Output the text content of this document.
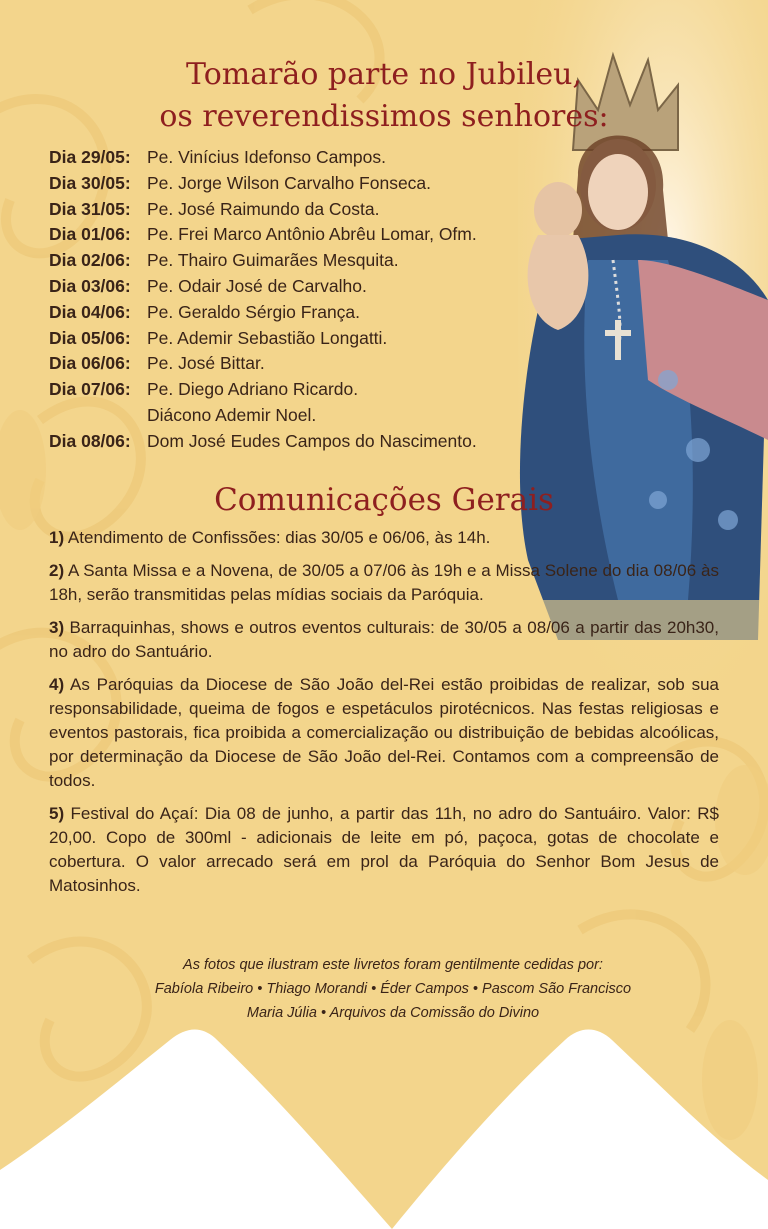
Tomarão parte no Jubileu,
os reverendissimos senhores:
Dia 29/05: Pe. Vinícius Idefonso Campos.
Dia 30/05: Pe. Jorge Wilson Carvalho Fonseca.
Dia 31/05: Pe. José Raimundo da Costa.
Dia 01/06: Pe. Frei Marco Antônio Abrêu Lomar, Ofm.
Dia 02/06: Pe. Thairo Guimarães Mesquita.
Dia 03/06: Pe. Odair José de Carvalho.
Dia 04/06: Pe. Geraldo Sérgio França.
Dia 05/06: Pe. Ademir Sebastião Longatti.
Dia 06/06: Pe. José Bittar.
Dia 07/06: Pe. Diego Adriano Ricardo.
Diácono Ademir Noel.
Dia 08/06: Dom José Eudes Campos do Nascimento.
Comunicações Gerais

1) Atendimento de Confissões: dias 30/05 e 06/06, às 14h.

2) A Santa Missa e a Novena, de 30/05 a 07/06 às 19h e a Missa Solene do dia 08/06 às 18h, serão transmitidas pelas mídias sociais da Paróquia.

3) Barraquinhas, shows e outros eventos culturais: de 30/05 a 08/06 a partir das 20h30, no adro do Santuário.

4) As Paróquias da Diocese de São João del-Rei estão proibidas de realizar, sob sua responsabilidade, queima de fogos e espetáculos pirotécnicos. Nas festas religiosas e eventos pastorais, fica proibida a comercialização ou distribuição de bebidas alcoólicas, por determinação da Diocese de São João del-Rei. Contamos com a compreensão de todos.

5) Festival do Açaí: Dia 08 de junho, a partir das 11h, no adro do Santuáiro. Valor: R$ 20,00. Copo de 300ml - adicionais de leite em pó, paçoca, gotas de chocolate e cobertura. O valor arrecado será em prol da Paróquia do Senhor Bom Jesus de Matosinhos.

As fotos que ilustram este livretos foram gentilmente cedidas por:
Fabíola Ribeiro • Thiago Morandi • Éder Campos • Pascom São Francisco
Maria Júlia • Arquivos da Comissão do Divino
